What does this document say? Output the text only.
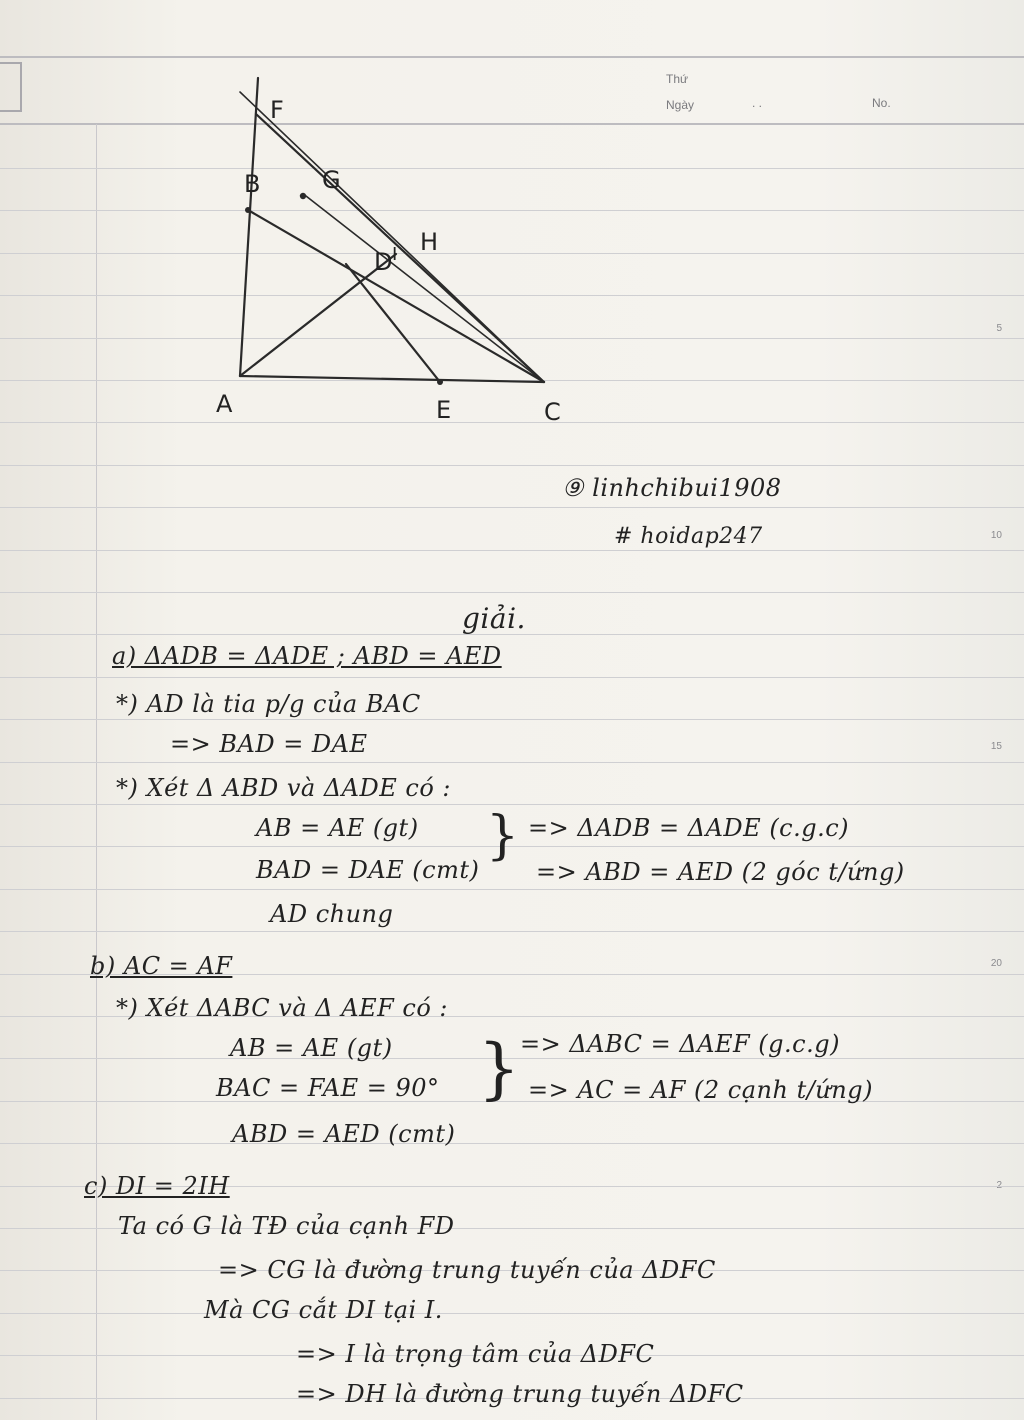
Thứ
Ngày	. .	No.
5
10
15
20
F
B	G
D I H
A	E	C
⑨ linhchibui1908
# hoidap247
giải.
a) ΔADB = ΔADE ; ABD = AED
*) AD là tia p/g của BAC
=> BAD = DAE
*) Xét Δ ABD và ΔADE có :
AB = AE (gt)
BAD = DAE (cmt)
AD chung
} => ΔADB = ΔADE (c.g.c)
=> ABD = AED (2 góc t/ứng)
b) AC = AF
*) Xét ΔABC và Δ AEF có :
AB = AE (gt)
BAC = FAE = 90°
ABD = AED (cmt)
} => ΔABC = ΔAEF (g.c.g)
=> AC = AF (2 cạnh t/ứng)
c) DI = 2IH
Ta có G là TĐ của cạnh FD
=> CG là đường trung tuyến của ΔDFC
Mà CG cắt DI tại I.
=> I là trọng tâm của ΔDFC
=> DH là đường trung tuyến ΔDFC
